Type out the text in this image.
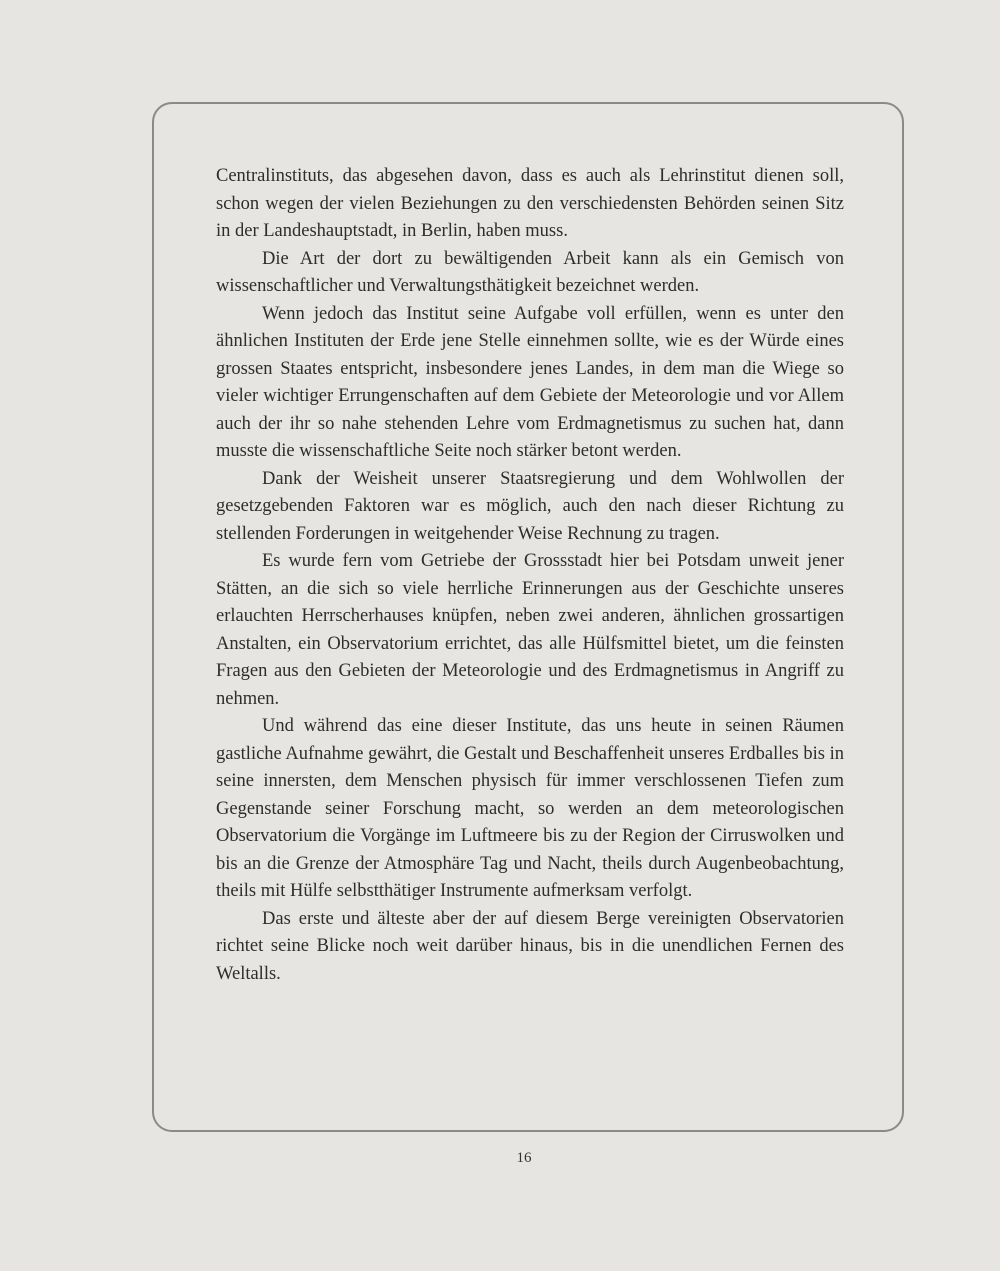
Centralinstituts, das abgesehen davon, dass es auch als Lehrinstitut dienen soll, schon wegen der vielen Beziehungen zu den verschiedensten Behörden seinen Sitz in der Landeshauptstadt, in Berlin, haben muss.

Die Art der dort zu bewältigenden Arbeit kann als ein Gemisch von wissenschaftlicher und Verwaltungsthätigkeit bezeichnet werden.

Wenn jedoch das Institut seine Aufgabe voll erfüllen, wenn es unter den ähnlichen Instituten der Erde jene Stelle einnehmen sollte, wie es der Würde eines grossen Staates entspricht, insbesondere jenes Landes, in dem man die Wiege so vieler wichtiger Errungenschaften auf dem Gebiete der Meteorologie und vor Allem auch der ihr so nahe stehenden Lehre vom Erdmagnetismus zu suchen hat, dann musste die wissenschaftliche Seite noch stärker betont werden.

Dank der Weisheit unserer Staatsregierung und dem Wohlwollen der gesetzgebenden Faktoren war es möglich, auch den nach dieser Richtung zu stellenden Forderungen in weitgehender Weise Rechnung zu tragen.

Es wurde fern vom Getriebe der Grossstadt hier bei Potsdam unweit jener Stätten, an die sich so viele herrliche Erinnerungen aus der Geschichte unseres erlauchten Herrscherhauses knüpfen, neben zwei anderen, ähnlichen grossartigen Anstalten, ein Observatorium errichtet, das alle Hülfsmittel bietet, um die feinsten Fragen aus den Gebieten der Meteorologie und des Erdmagnetismus in Angriff zu nehmen.

Und während das eine dieser Institute, das uns heute in seinen Räumen gastliche Aufnahme gewährt, die Gestalt und Beschaffenheit unseres Erdballes bis in seine innersten, dem Menschen physisch für immer verschlossenen Tiefen zum Gegenstande seiner Forschung macht, so werden an dem meteorologischen Observatorium die Vorgänge im Luftmeere bis zu der Region der Cirruswolken und bis an die Grenze der Atmosphäre Tag und Nacht, theils durch Augenbeobachtung, theils mit Hülfe selbstthätiger Instrumente aufmerksam verfolgt.

Das erste und älteste aber der auf diesem Berge vereinigten Observatorien richtet seine Blicke noch weit darüber hinaus, bis in die unendlichen Fernen des Weltalls.

16
